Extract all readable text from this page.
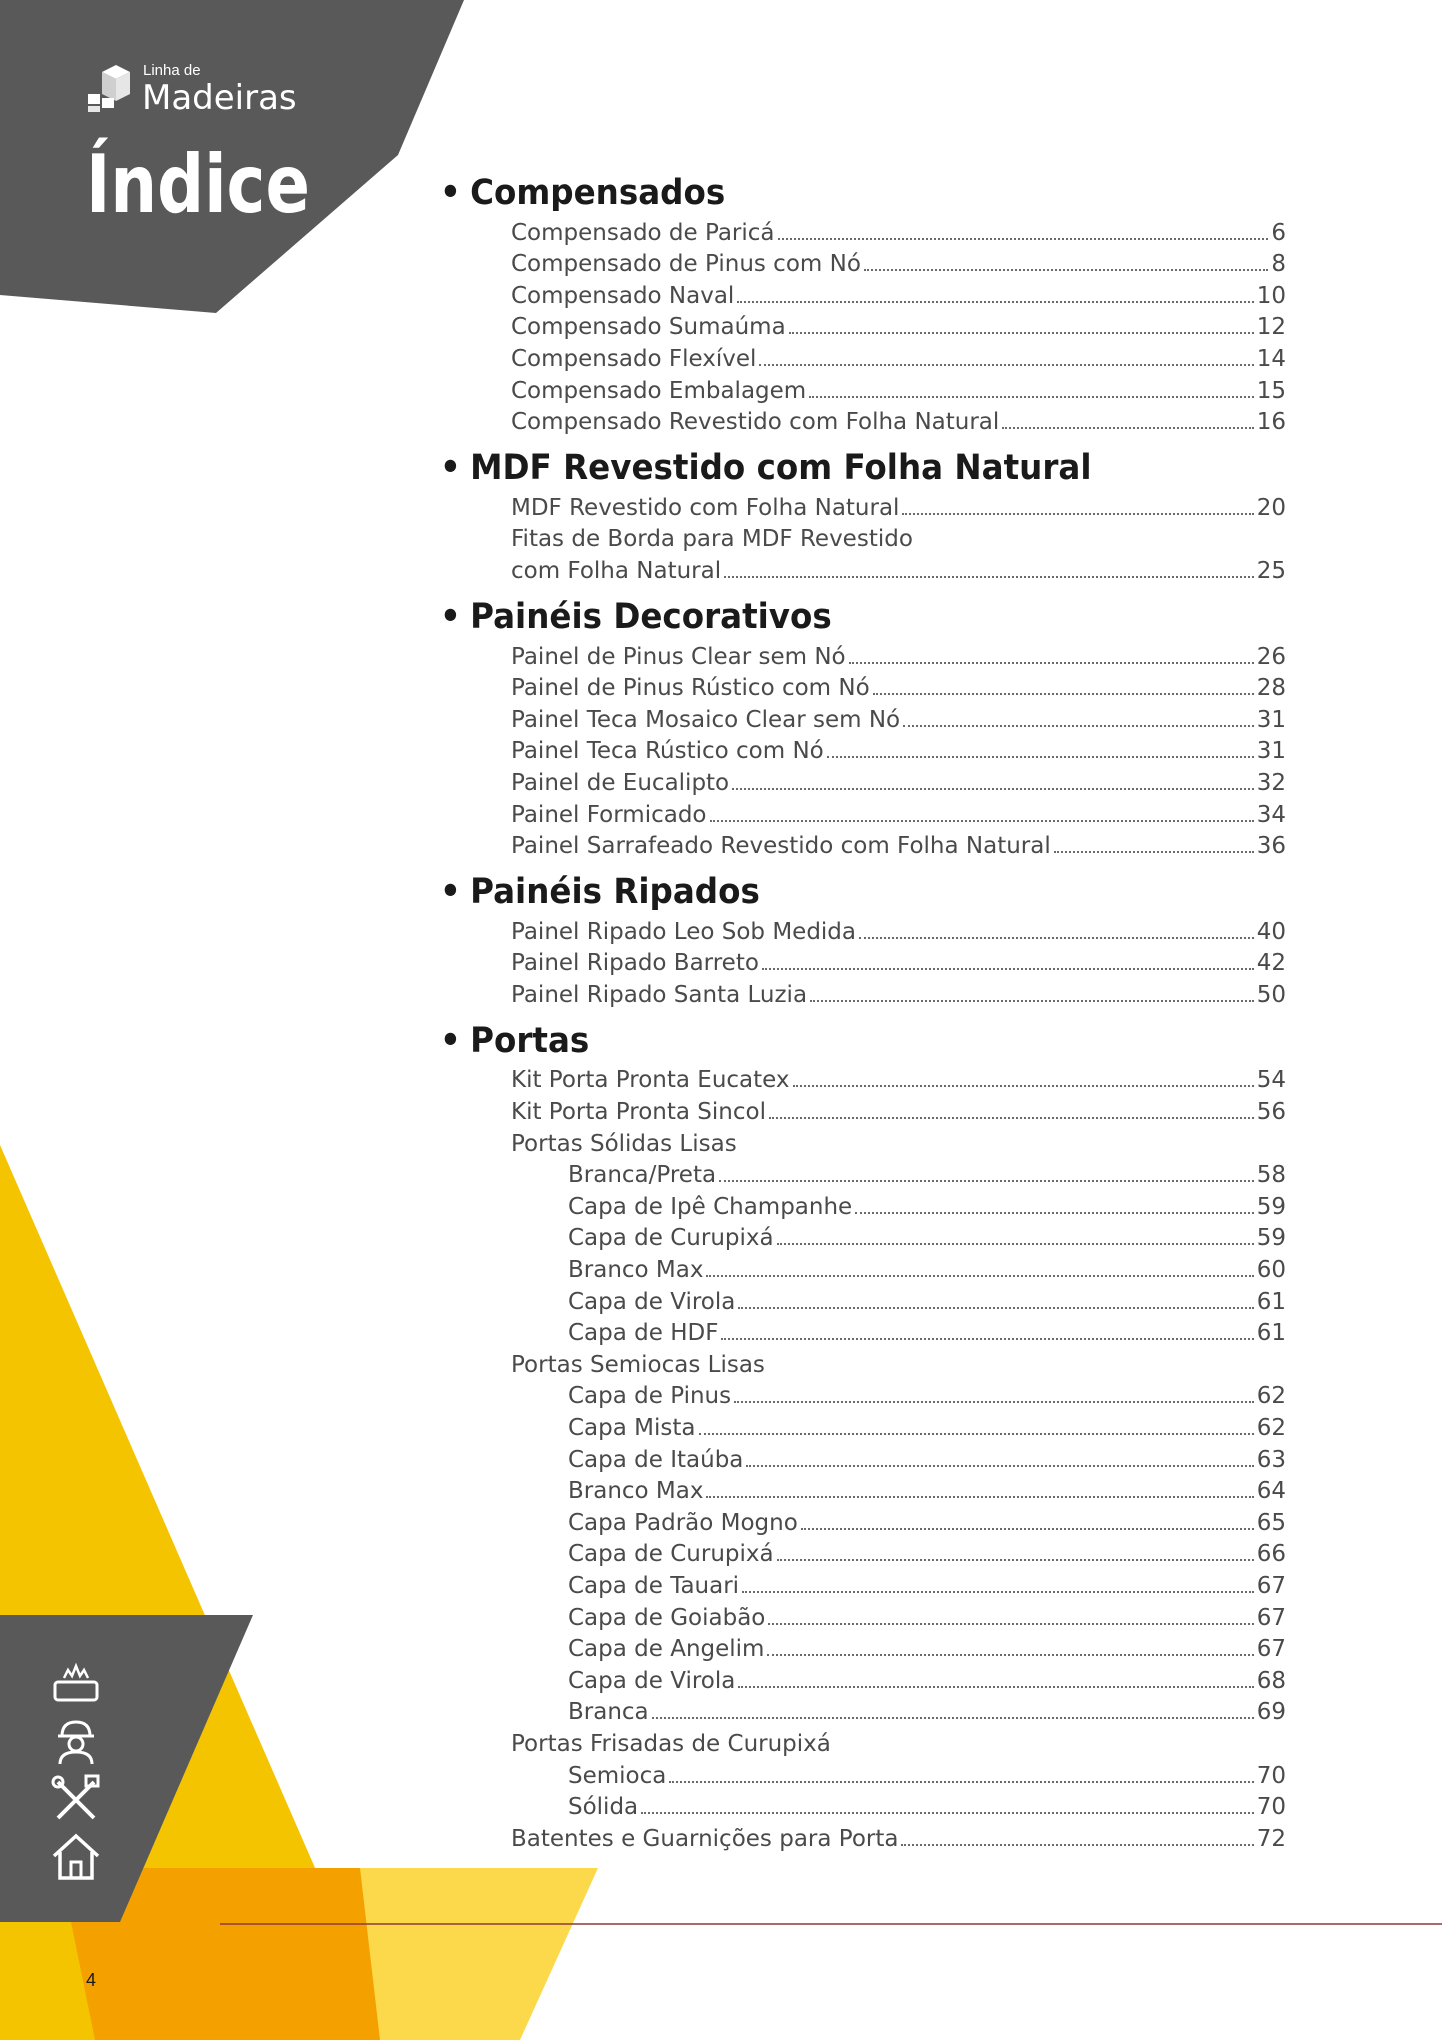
Linha de
Madeiras
Índice	• Compensados
Compensado de Paricá	6
Compensado de Pinus com Nó	8
Compensado Naval	10
Compensado Sumaúma	12
Compensado Flexível	14
Compensado Embalagem	15
Compensado Revestido com Folha Natural	16
• MDF Revestido com Folha Natural
MDF Revestido com Folha Natural	20
Fitas de Borda para MDF Revestido
com Folha Natural	25
• Painéis Decorativos
Painel de Pinus Clear sem Nó	26
Painel de Pinus Rústico com Nó	28
Painel Teca Mosaico Clear sem Nó	31
Painel Teca Rústico com Nó	31
Painel de Eucalipto	32
Painel Formicado	34
Painel Sarrafeado Revestido com Folha Natural	36
• Painéis Ripados
Painel Ripado Leo Sob Medida	40
Painel Ripado Barreto	42
Painel Ripado Santa Luzia	50
• Portas
Kit Porta Pronta Eucatex	54
Kit Porta Pronta Sincol	56
Portas Sólidas Lisas
Branca/Preta	58
Capa de Ipê Champanhe	59
Capa de Curupixá	59
Branco Max	60
Capa de Virola	61
Capa de HDF	61
Portas Semiocas Lisas
Capa de Pinus	62
Capa Mista	62
Capa de Itaúba	63
Branco Max	64
Capa Padrão Mogno	65
Capa de Curupixá	66
Capa de Tauari	67
Capa de Goiabão	67
Capa de Angelim	67
Capa de Virola	68
Branca	69
Portas Frisadas de Curupixá
Semioca	70
Sólida	70
Batentes e Guarnições para Porta	72
4
